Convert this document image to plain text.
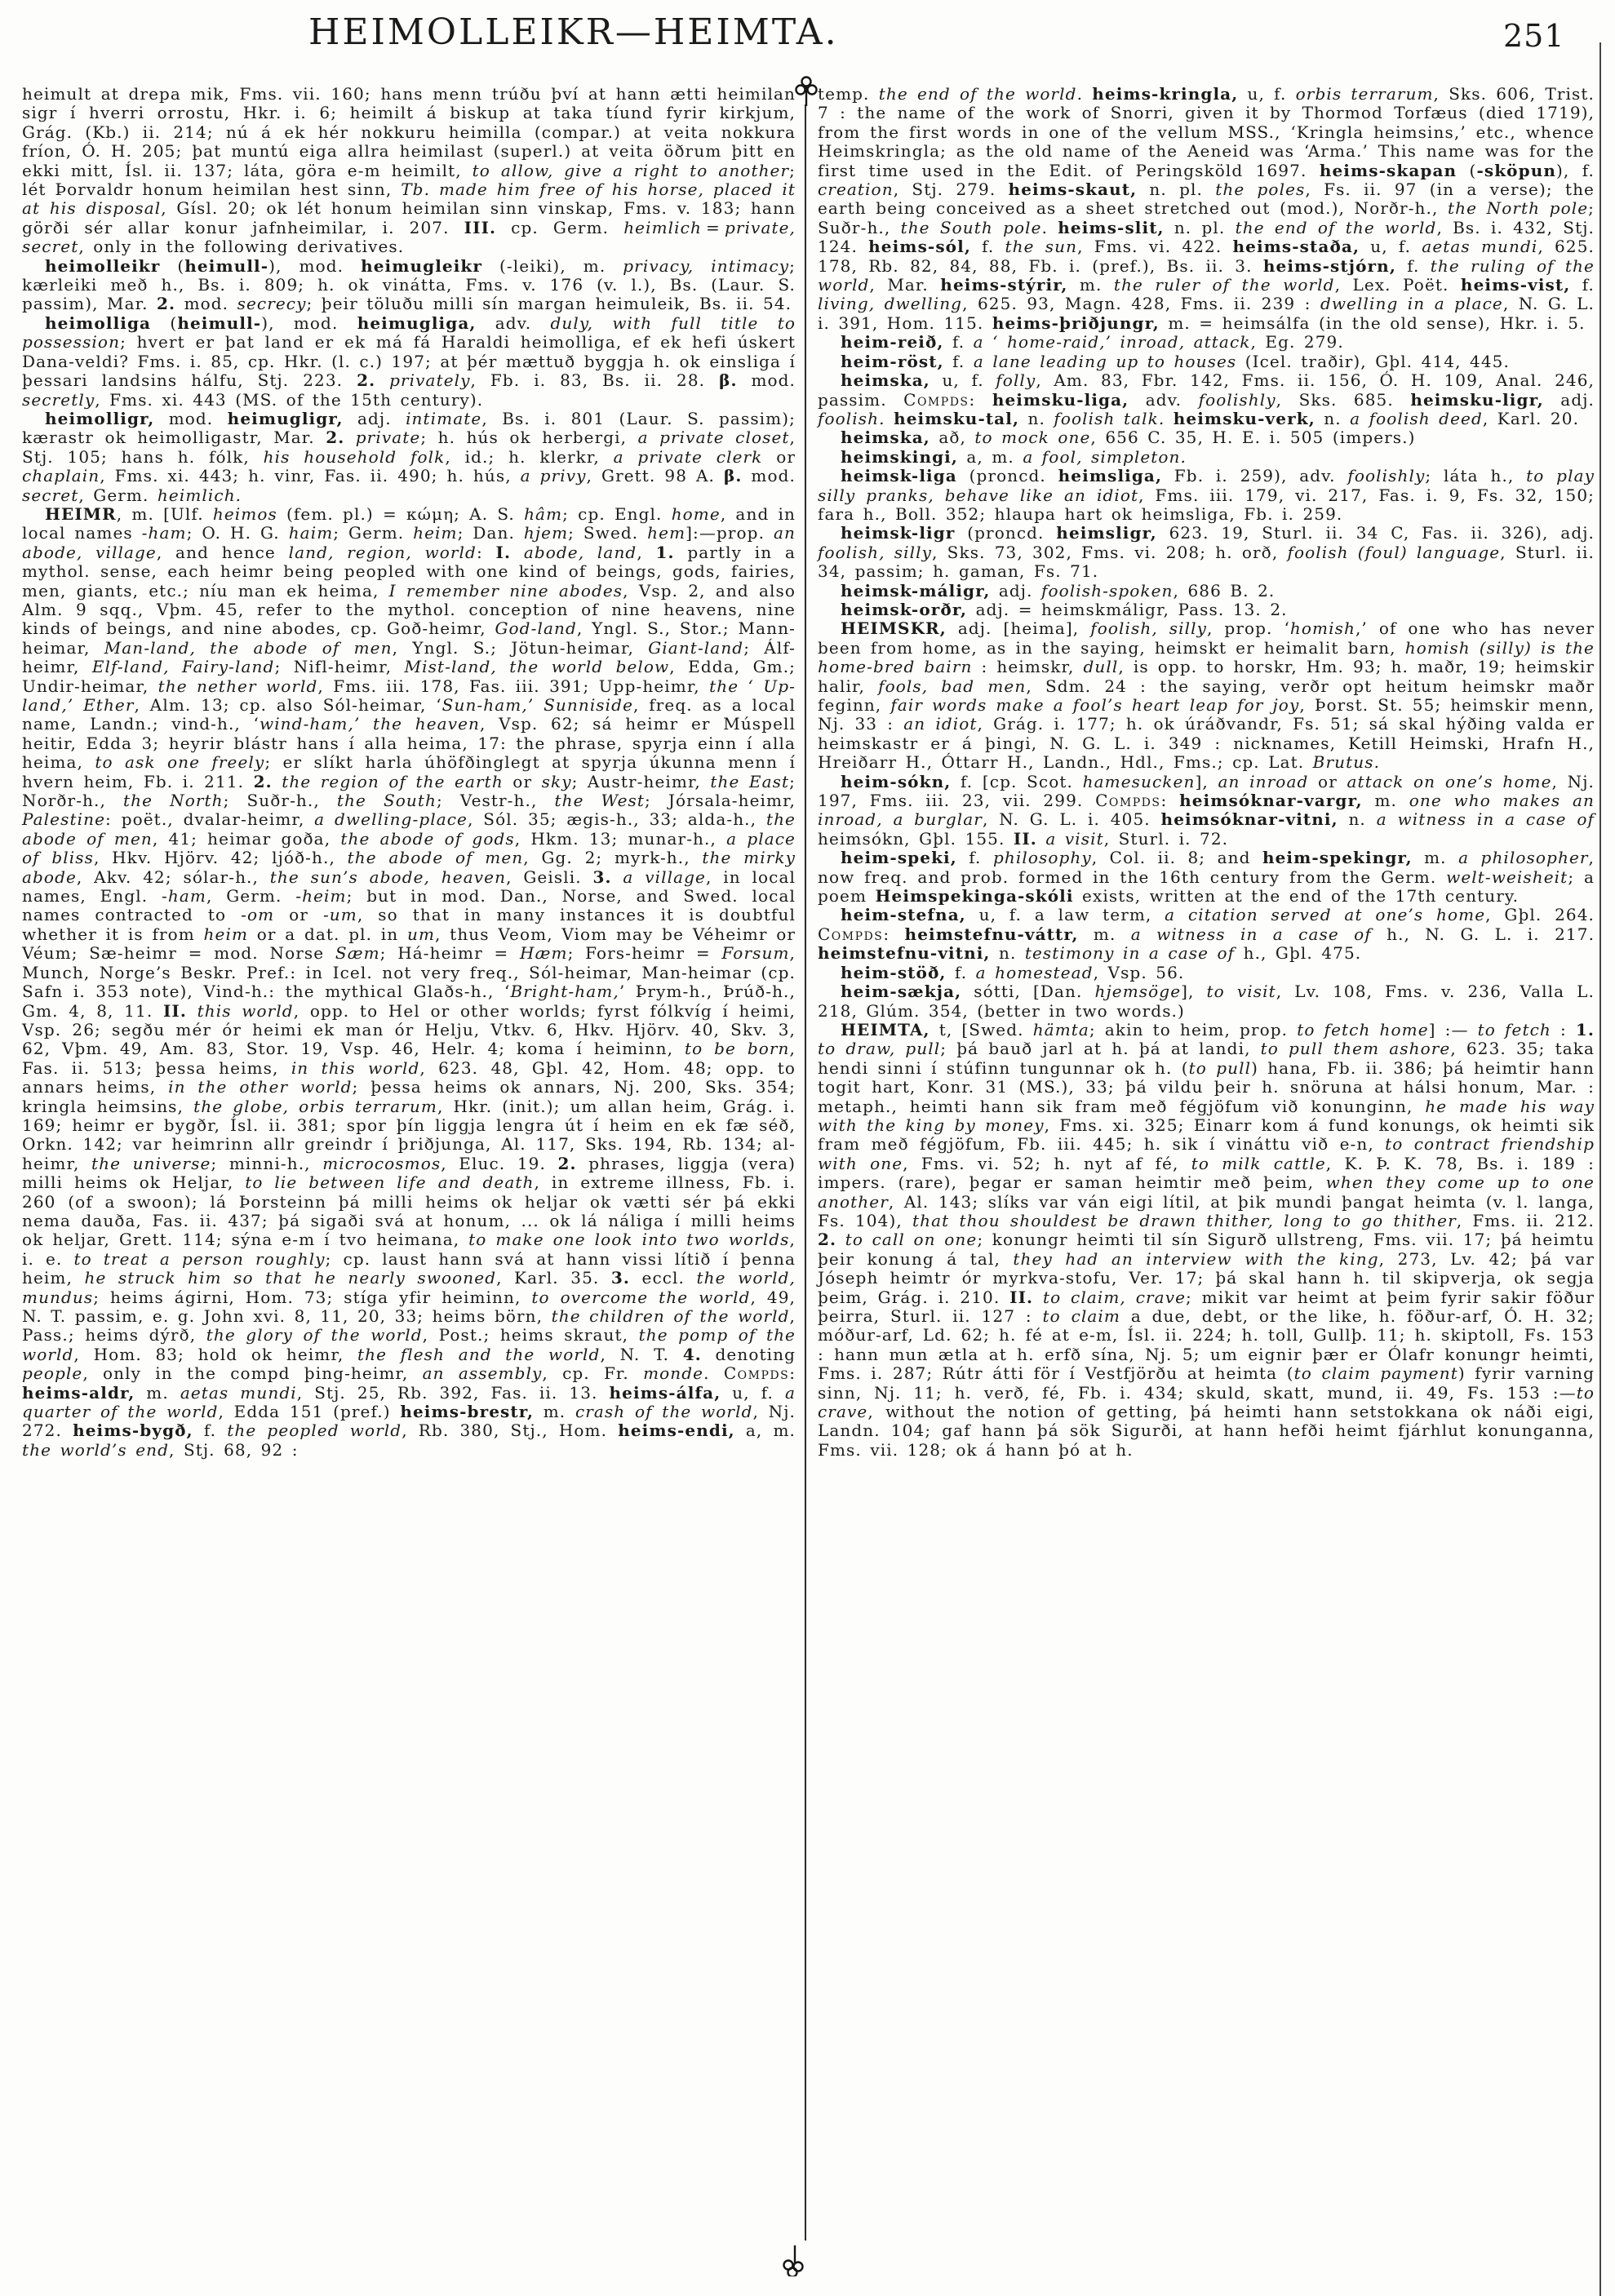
HEIMOLLEIKR—HEIMTA.	251

heimult at drepa mik, Fms. vii. 160; hans menn trúðu því at hann ætti heimilan sigr í hverri orrostu, Hkr. i. 6; heimilt á biskup at taka tíund fyrir kirkjum, Grág. (Kb.) ii. 214; nú á ek hér nokkuru heimilla (compar.) at veita nokkura fríon, Ó. H. 205; þat muntú eiga allra heimilast (superl.) at veita öðrum þitt en ekki mitt, Ísl. ii. 137; láta, göra e-m heimilt, to allow, give a right to another; lét Þorvaldr honum heimilan hest sinn, Tb. made him free of his horse, placed it at his disposal, Gísl. 20; ok lét honum heimilan sinn vinskap, Fms. v. 183; hann görði sér allar konur jafnheimilar, i. 207. III. cp. Germ. heimlich = private, secret, only in the following derivatives.

heimolleikr (heimull-), mod. heimugleikr (-leiki), m. privacy, intimacy; kærleiki með h., Bs. i. 809; h. ok vinátta, Fms. v. 176 (v. l.), Bs. (Laur. S. passim), Mar. 2. mod. secrecy; þeir töluðu milli sín margan heimuleik, Bs. ii. 54.

heimolliga (heimull-), mod. heimugliga, adv. duly, with full title to possession; hvert er þat land er ek má fá Haraldi heimolliga, ef ek hefi úskert Dana-veldi? Fms. i. 85, cp. Hkr. (l. c.) 197; at þér mættuð byggja h. ok einsliga í þessari landsins hálfu, Stj. 223. 2. privately, Fb. i. 83, Bs. ii. 28. β. mod. secretly, Fms. xi. 443 (MS. of the 15th century).

heimolligr, mod. heimugligr, adj. intimate, Bs. i. 801 (Laur. S. passim); kærastr ok heimolligastr, Mar. 2. private; h. hús ok herbergi, a private closet, Stj. 105; hans h. fólk, his household folk, id.; h. klerkr, a private clerk or chaplain, Fms. xi. 443; h. vinr, Fas. ii. 490; h. hús, a privy, Grett. 98 A. β. mod. secret, Germ. heimlich.

HEIMR, m. [Ulf. heimos (fem. pl.) = κώμη; A. S. hâm; cp. Engl. home, and in local names -ham; O. H. G. haim; Germ. heim; Dan. hjem; Swed. hem]:—prop. an abode, village, and hence land, region, world: I. abode, land, 1. partly in a mythol. sense, each heimr being peopled with one kind of beings, gods, fairies, men, giants, etc.; níu man ek heima, I remember nine abodes, Vsp. 2, and also Alm. 9 sqq., Vþm. 45, refer to the mythol. conception of nine heavens, nine kinds of beings, and nine abodes, cp. Goð-heimr, God-land, Yngl. S., Stor.; Mann-heimar, Man-land, the abode of men, Yngl. S.; Jötun-heimar, Giant-land; Álf-heimr, Elf-land, Fairy-land; Nifl-heimr, Mist-land, the world below, Edda, Gm.; Undir-heimar, the nether world, Fms. iii. 178, Fas. iii. 391; Upp-heimr, the ‘ Up-land,’ Ether, Alm. 13; cp. also Sól-heimar, ‘Sun-ham,’ Sunniside, freq. as a local name, Landn.; vind-h., ‘wind-ham,’ the heaven, Vsp. 62; sá heimr er Múspell heitir, Edda 3; heyrir blástr hans í alla heima, 17: the phrase, spyrja einn í alla heima, to ask one freely; er slíkt harla úhöfðinglegt at spyrja úkunna menn í hvern heim, Fb. i. 211. 2. the region of the earth or sky; Austr-heimr, the East; Norðr-h., the North; Suðr-h., the South; Vestr-h., the West; Jórsala-heimr, Palestine: poët., dvalar-heimr, a dwelling-place, Sól. 35; ægis-h., 33; alda-h., the abode of men, 41; heimar goða, the abode of gods, Hkm. 13; munar-h., a place of bliss, Hkv. Hjörv. 42; ljóð-h., the abode of men, Gg. 2; myrk-h., the mirky abode, Akv. 42; sólar-h., the sun’s abode, heaven, Geisli. 3. a village, in local names, Engl. -ham, Germ. -heim; but in mod. Dan., Norse, and Swed. local names contracted to -om or -um, so that in many instances it is doubtful whether it is from heim or a dat. pl. in um, thus Veom, Viom may be Véheimr or Véum; Sæ-heimr = mod. Norse Sæm; Há-heimr = Hæm; Fors-heimr = Forsum, Munch, Norge’s Beskr. Pref.: in Icel. not very freq., Sól-heimar, Man-heimar (cp. Safn i. 353 note), Vind-h.: the mythical Glaðs-h., ‘Bright-ham,’ Þrym-h., Þrúð-h., Gm. 4, 8, 11. II. this world, opp. to Hel or other worlds; fyrst fólkvíg í heimi, Vsp. 26; segðu mér ór heimi ek man ór Helju, Vtkv. 6, Hkv. Hjörv. 40, Skv. 3, 62, Vþm. 49, Am. 83, Stor. 19, Vsp. 46, Helr. 4; koma í heiminn, to be born, Fas. ii. 513; þessa heims, in this world, 623. 48, Gþl. 42, Hom. 48; opp. to annars heims, in the other world; þessa heims ok annars, Nj. 200, Sks. 354; kringla heimsins, the globe, orbis terrarum, Hkr. (init.); um allan heim, Grág. i. 169; heimr er bygðr, Ísl. ii. 381; spor þín liggja lengra út í heim en ek fæ séð, Orkn. 142; var heimrinn allr greindr í þriðjunga, Al. 117, Sks. 194, Rb. 134; al-heimr, the universe; minni-h., microcosmos, Eluc. 19. 2. phrases, liggja (vera) milli heims ok Heljar, to lie between life and death, in extreme illness, Fb. i. 260 (of a swoon); lá Þorsteinn þá milli heims ok heljar ok vætti sér þá ekki nema dauða, Fas. ii. 437; þá sigaði svá at honum, ... ok lá náliga í milli heims ok heljar, Grett. 114; sýna e-m í tvo heimana, to make one look into two worlds, i. e. to treat a person roughly; cp. laust hann svá at hann vissi lítið í þenna heim, he struck him so that he nearly swooned, Karl. 35. 3. eccl. the world, mundus; heims ágirni, Hom. 73; stíga yfir heiminn, to overcome the world, 49, N. T. passim, e. g. John xvi. 8, 11, 20, 33; heims börn, the children of the world, Pass.; heims dýrð, the glory of the world, Post.; heims skraut, the pomp of the world, Hom. 83; hold ok heimr, the flesh and the world, N. T. 4. denoting people, only in the compd þing-heimr, an assembly, cp. Fr. monde. Compds: heims-aldr, m. aetas mundi, Stj. 25, Rb. 392, Fas. ii. 13. heims-álfa, u, f. a quarter of the world, Edda 151 (pref.) heims-brestr, m. crash of the world, Nj. 272. heims-bygð, f. the peopled world, Rb. 380, Stj., Hom. heims-endi, a, m. the world’s end, Stj. 68, 92 :

temp. the end of the world. heims-kringla, u, f. orbis terrarum, Sks. 606, Trist. 7 : the name of the work of Snorri, given it by Thormod Torfæus (died 1719), from the first words in one of the vellum MSS., ‘Kringla heimsins,’ etc., whence Heimskringla; as the old name of the Aeneid was ‘Arma.’ This name was for the first time used in the Edit. of Peringsköld 1697. heims-skapan (-sköpun), f. creation, Stj. 279. heims-skaut, n. pl. the poles, Fs. ii. 97 (in a verse); the earth being conceived as a sheet stretched out (mod.), Norðr-h., the North pole; Suðr-h., the South pole. heims-slit, n. pl. the end of the world, Bs. i. 432, Stj. 124. heims-sól, f. the sun, Fms. vi. 422. heims-staða, u, f. aetas mundi, 625. 178, Rb. 82, 84, 88, Fb. i. (pref.), Bs. ii. 3. heims-stjórn, f. the ruling of the world, Mar. heims-stýrir, m. the ruler of the world, Lex. Poët. heims-vist, f. living, dwelling, 625. 93, Magn. 428, Fms. ii. 239 : dwelling in a place, N. G. L. i. 391, Hom. 115. heims-þriðjungr, m. = heimsálfa (in the old sense), Hkr. i. 5.

heim-reið, f. a ‘ home-raid,’ inroad, attack, Eg. 279.

heim-röst, f. a lane leading up to houses (Icel. traðir), Gþl. 414, 445.

heimska, u, f. folly, Am. 83, Fbr. 142, Fms. ii. 156, Ó. H. 109, Anal. 246, passim. Compds: heimsku-liga, adv. foolishly, Sks. 685. heimsku-ligr, adj. foolish. heimsku-tal, n. foolish talk. heimsku-verk, n. a foolish deed, Karl. 20.

heimska, að, to mock one, 656 C. 35, H. E. i. 505 (impers.)

heimskingi, a, m. a fool, simpleton.

heimsk-liga (proncd. heimsliga, Fb. i. 259), adv. foolishly; láta h., to play silly pranks, behave like an idiot, Fms. iii. 179, vi. 217, Fas. i. 9, Fs. 32, 150; fara h., Boll. 352; hlaupa hart ok heimsliga, Fb. i. 259.

heimsk-ligr (proncd. heimsligr, 623. 19, Sturl. ii. 34 C, Fas. ii. 326), adj. foolish, silly, Sks. 73, 302, Fms. vi. 208; h. orð, foolish (foul) language, Sturl. ii. 34, passim; h. gaman, Fs. 71.

heimsk-máligr, adj. foolish-spoken, 686 B. 2.

heimsk-orðr, adj. = heimskmáligr, Pass. 13. 2.

HEIMSKR, adj. [heima], foolish, silly, prop. ‘homish,’ of one who has never been from home, as in the saying, heimskt er heimalit barn, homish (silly) is the home-bred bairn : heimskr, dull, is opp. to horskr, Hm. 93; h. maðr, 19; heimskir halir, fools, bad men, Sdm. 24 : the saying, verðr opt heitum heimskr maðr feginn, fair words make a fool’s heart leap for joy, Þorst. St. 55; heimskir menn, Nj. 33 : an idiot, Grág. i. 177; h. ok úráðvandr, Fs. 51; sá skal hýðing valda er heimskastr er á þingi, N. G. L. i. 349 : nicknames, Ketill Heimski, Hrafn H., Hreiðarr H., Óttarr H., Landn., Hdl., Fms.; cp. Lat. Brutus.

heim-sókn, f. [cp. Scot. hamesucken], an inroad or attack on one’s home, Nj. 197, Fms. iii. 23, vii. 299. Compds: heimsóknar-vargr, m. one who makes an inroad, a burglar, N. G. L. i. 405. heimsóknar-vitni, n. a witness in a case of heimsókn, Gþl. 155. II. a visit, Sturl. i. 72.

heim-speki, f. philosophy, Col. ii. 8; and heim-spekingr, m. a philosopher, now freq. and prob. formed in the 16th century from the Germ. welt-weisheit; a poem Heimspekinga-skóli exists, written at the end of the 17th century.

heim-stefna, u, f. a law term, a citation served at one’s home, Gþl. 264. Compds: heimstefnu-váttr, m. a witness in a case of h., N. G. L. i. 217. heimstefnu-vitni, n. testimony in a case of h., Gþl. 475.

heim-stöð, f. a homestead, Vsp. 56.

heim-sækja, sótti, [Dan. hjemsöge], to visit, Lv. 108, Fms. v. 236, Valla L. 218, Glúm. 354, (better in two words.)

HEIMTA, t, [Swed. hämta; akin to heim, prop. to fetch home] :— to fetch : 1. to draw, pull; þá bauð jarl at h. þá at landi, to pull them ashore, 623. 35; taka hendi sinni í stúfinn tungunnar ok h. (to pull) hana, Fb. ii. 386; þá heimtir hann togit hart, Konr. 31 (MS.), 33; þá vildu þeir h. snöruna at hálsi honum, Mar. : metaph., heimti hann sik fram með fégjöfum við konunginn, he made his way with the king by money, Fms. xi. 325; Einarr kom á fund konungs, ok heimti sik fram með fégjöfum, Fb. iii. 445; h. sik í vináttu við e-n, to contract friendship with one, Fms. vi. 52; h. nyt af fé, to milk cattle, K. Þ. K. 78, Bs. i. 189 : impers. (rare), þegar er saman heimtir með þeim, when they come up to one another, Al. 143; slíks var ván eigi lítil, at þik mundi þangat heimta (v. l. langa, Fs. 104), that thou shouldest be drawn thither, long to go thither, Fms. ii. 212. 2. to call on one; konungr heimti til sín Sigurð ullstreng, Fms. vii. 17; þá heimtu þeir konung á tal, they had an interview with the king, 273, Lv. 42; þá var Jóseph heimtr ór myrkva-stofu, Ver. 17; þá skal hann h. til skipverja, ok segja þeim, Grág. i. 210. II. to claim, crave; mikit var heimt at þeim fyrir sakir föður þeirra, Sturl. ii. 127 : to claim a due, debt, or the like, h. föður-arf, Ó. H. 32; móður-arf, Ld. 62; h. fé at e-m, Ísl. ii. 224; h. toll, Gullþ. 11; h. skiptoll, Fs. 153 : hann mun ætla at h. erfð sína, Nj. 5; um eignir þær er Ólafr konungr heimti, Fms. i. 287; Rútr átti för í Vestfjörðu at heimta (to claim payment) fyrir varning sinn, Nj. 11; h. verð, fé, Fb. i. 434; skuld, skatt, mund, ii. 49, Fs. 153 :—to crave, without the notion of getting, þá heimti hann setstokkana ok náði eigi, Landn. 104; gaf hann þá sök Sigurði, at hann hefði heimt fjárhlut konunganna, Fms. vii. 128; ok á hann þó at h.
